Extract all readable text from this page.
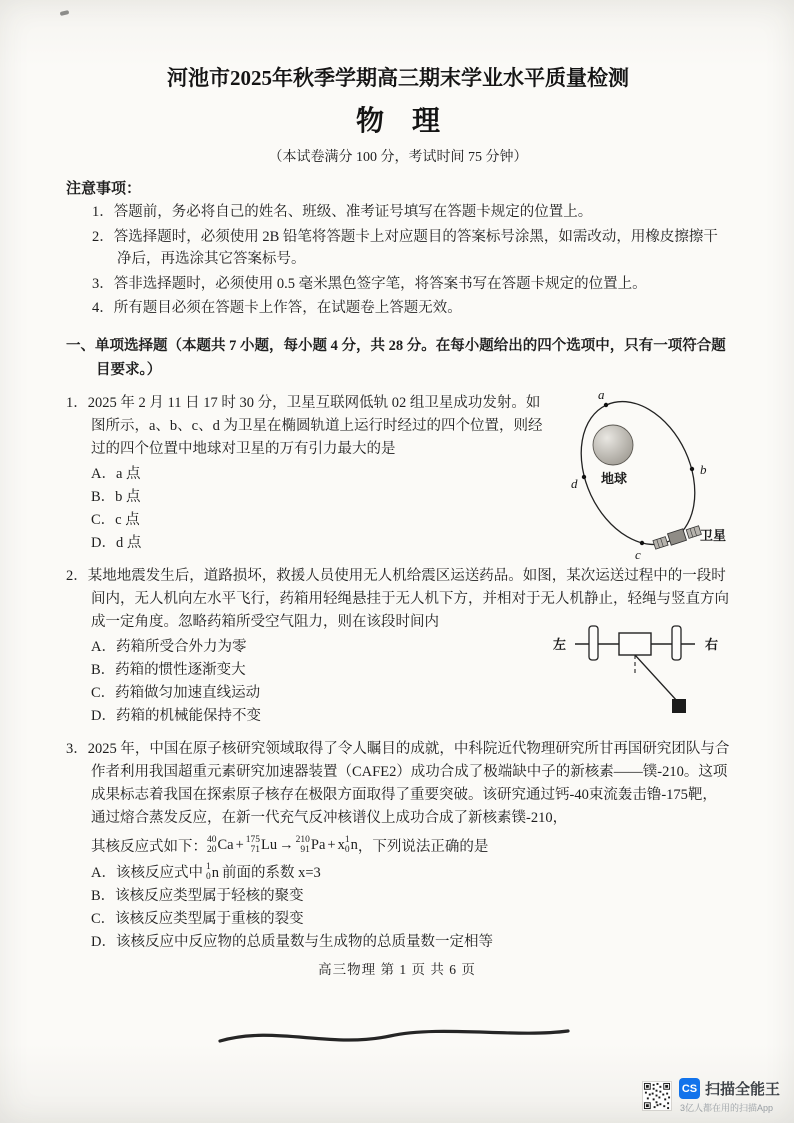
河池市2025年秋季学期高三期末学业水平质量检测
物　理
（本试卷满分 100 分，考试时间 75 分钟）
注意事项：
1．答题前，务必将自己的姓名、班级、准考证号填写在答题卡规定的位置上。
2．答选择题时，必须使用 2B 铅笔将答题卡上对应题目的答案标号涂黑，如需改动，用橡皮擦擦干净后，再选涂其它答案标号。
3．答非选择题时，必须使用 0.5 毫米黑色签字笔，将答案书写在答题卡规定的位置上。
4．所有题目必须在答题卡上作答，在试题卷上答题无效。
一、单项选择题（本题共 7 小题，每小题 4 分，共 28 分。在每小题给出的四个选项中，只有一项符合题目要求。）
1．2025 年 2 月 11 日 17 时 30 分，卫星互联网低轨 02 组卫星成功发射。如图所示，a、b、c、d 为卫星在椭圆轨道上运行时经过的四个位置，则经过的四个位置中地球对卫星的万有引力最大的是
A．a 点
B．b 点
C．c 点
D．d 点
地球
a
b
d
c
卫星
2．某地地震发生后，道路损坏，救援人员使用无人机给震区运送药品。如图，某次运送过程中的一段时间内，无人机向左水平飞行，药箱用轻绳悬挂于无人机下方，并相对于无人机静止，轻绳与竖直方向成一定角度。忽略药箱所受空气阻力，则在该段时间内
A．药箱所受合外力为零
B．药箱的惯性逐渐变大
C．药箱做匀加速直线运动
D．药箱的机械能保持不变
左	右
3．2025 年，中国在原子核研究领域取得了令人瞩目的成就，中科院近代物理研究所甘再国研究团队与合作者利用我国超重元素研究加速器装置（CAFE2）成功合成了极端缺中子的新核素——镤-210。这项成果标志着我国在探索原子核存在极限方面取得了重要突破。该研究通过钙-40束流轰击镥-175靶，通过熔合蒸发反应，在新一代充气反冲核谱仪上成功合成了新核素镤-210，
其核反应式如下： 40
20 Ca + 175
71 Lu → 210
91 Pa + x 1
0 n ，下列说法正确的是
A．该核反应式中 1
0 n 前面的系数 x=3
B．该核反应类型属于轻核的聚变
C．该核反应类型属于重核的裂变
D．该核反应中反应物的总质量数与生成物的总质量数一定相等
高三物理 第 1 页 共 6 页
CS 扫描全能王
3亿人都在用的扫描App
